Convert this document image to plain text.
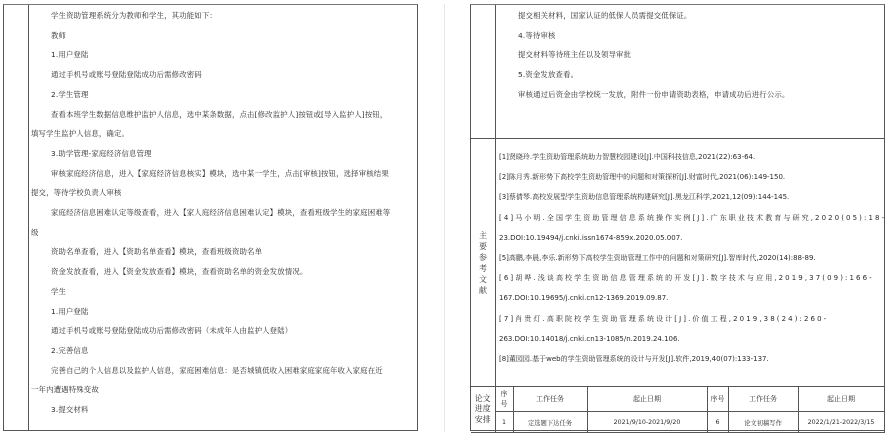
学生资助管理系统分为教师和学生，其功能如下：
教师
1.用户登陆
通过手机号或账号登陆登陆成功后需修改密码
2.学生管理
查看本班学生数据信息维护监护人信息，选中某条数据，点击[修改监护人]按钮或[导入监护人]按钮，
填写学生监护人信息，确定。
3.助学管理-家庭经济信息管理
审核家庭经济信息，进入【家庭经济信息核实】模块，选中某一学生，点击[审核]按钮，选择审核结果
提交，等待学校负责人审核
家庭经济信息困难认定等级查看，进入【家人庭经济信息困难认定】模块，查看班级学生的家庭困难等
级
资助名单查看，进入【资助名单查看】模块，查看班级资助名单
资金发放查看，进入【资金发放查看】模块，查看资助名单的资金发放情况。
学生
1.用户登陆
通过手机号或账号登陆登陆成功后需修改密码（未成年人由监护人登陆）
2.完善信息
完善自己的个人信息以及监护人信息，家庭困难信息：是否城镇低收入困难家庭家庭年收入家庭在近
一年内遭遇特殊变故
3.提交材料
提交相关材料，国家认证的低保人员需提交低保证。
4.等待审核
提交材料等待班主任以及领导审批
5.资金发放查看。
审核通过后资金由学校统一发放，附件一份申请资助表格，申请成功后进行公示。
主要参考文献
[1]贤晓玲.学生资助管理系统助力智慧校园建设[J].中国科技信息,2021(22):63-64.
[2]陈月秀.新形势下高校学生资助管理中的问题和对策探析[J].财富时代,2021(06):149-150.
[3]蔡倩琴.高校发展型学生资助信息管理系统构建研究[J].黑龙江科学,2021,12(09):144-145.
[4]马小明.全国学生资助管理信息系统操作实例[J].广东职业技术教育与研究,2020(05):18-
23.DOI:10.19494/j.cnki.issn1674-859x.2020.05.007.
[5]高鹏,李晨,李乐.新形势下高校学生资助管理工作中的问题和对策研究[J].智库时代,2020(14):88-89.
[6]胡哗.浅谈高校学生资助信息管理系统的开发[J].数字技术与应用,2019,37(09):166-
167.DOI:10.19695/j.cnki.cn12-1369.2019.09.87.
[7]肖贵灯.高职院校学生资助管理系统设计[J].价值工程,2019,38(24):260-
263.DOI:10.14018/j.cnki.cn13-1085/n.2019.24.106.
[8]董园园.基于web的学生资助管理系统的设计与开发[J].软件,2019,40(07):133-137.
论文进度安排	序号	工作任务	起止日期	序号	工作任务	起止日期
	1	定选题下达任务	2021/9/10-2021/9/20	6	论文初稿写作	2022/1/21-2022/3/15
